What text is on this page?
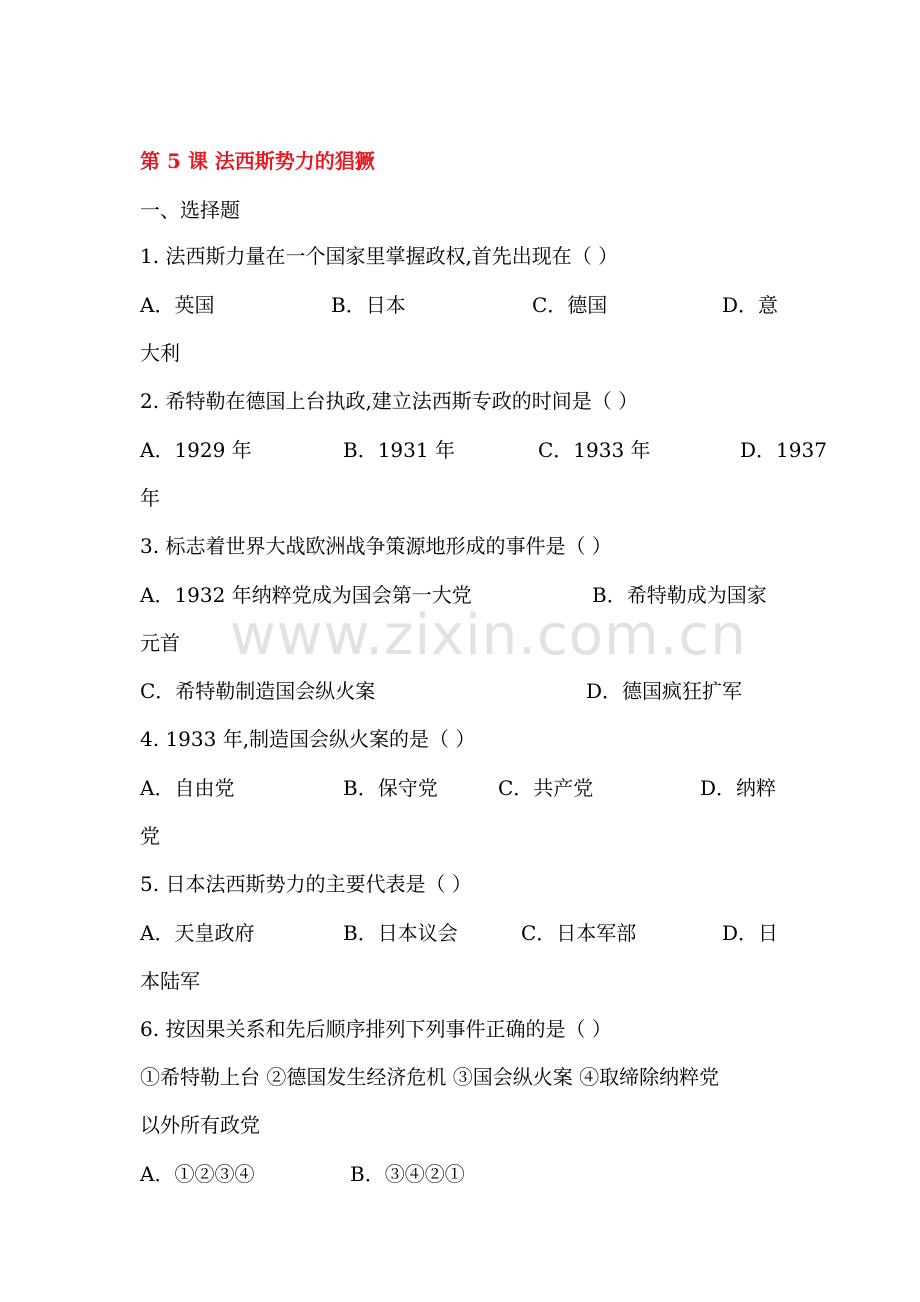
www.zixin.com.cn
第 5 课 法西斯势力的猖獗
一、选择题
1. 法西斯力量在一个国家里掌握政权,首先出现在（ ）
A．英国	B．日本	C．德国	D．意
大利
2. 希特勒在德国上台执政,建立法西斯专政的时间是（ ）
A．1929 年	B．1931 年	C．1933 年	D．1937
年
3. 标志着世界大战欧洲战争策源地形成的事件是（ ）
A．1932 年纳粹党成为国会第一大党	B．希特勒成为国家
元首
C．希特勒制造国会纵火案	D．德国疯狂扩军
4. 1933 年,制造国会纵火案的是（ ）
A．自由党	B．保守党	C．共产党	D．纳粹
党
5. 日本法西斯势力的主要代表是（ ）
A．天皇政府	B．日本议会	C．日本军部	D．日
本陆军
6. 按因果关系和先后顺序排列下列事件正确的是（ ）
①希特勒上台 ②德国发生经济危机 ③国会纵火案 ④取缔除纳粹党
以外所有政党
A．①②③④	B．③④②①
